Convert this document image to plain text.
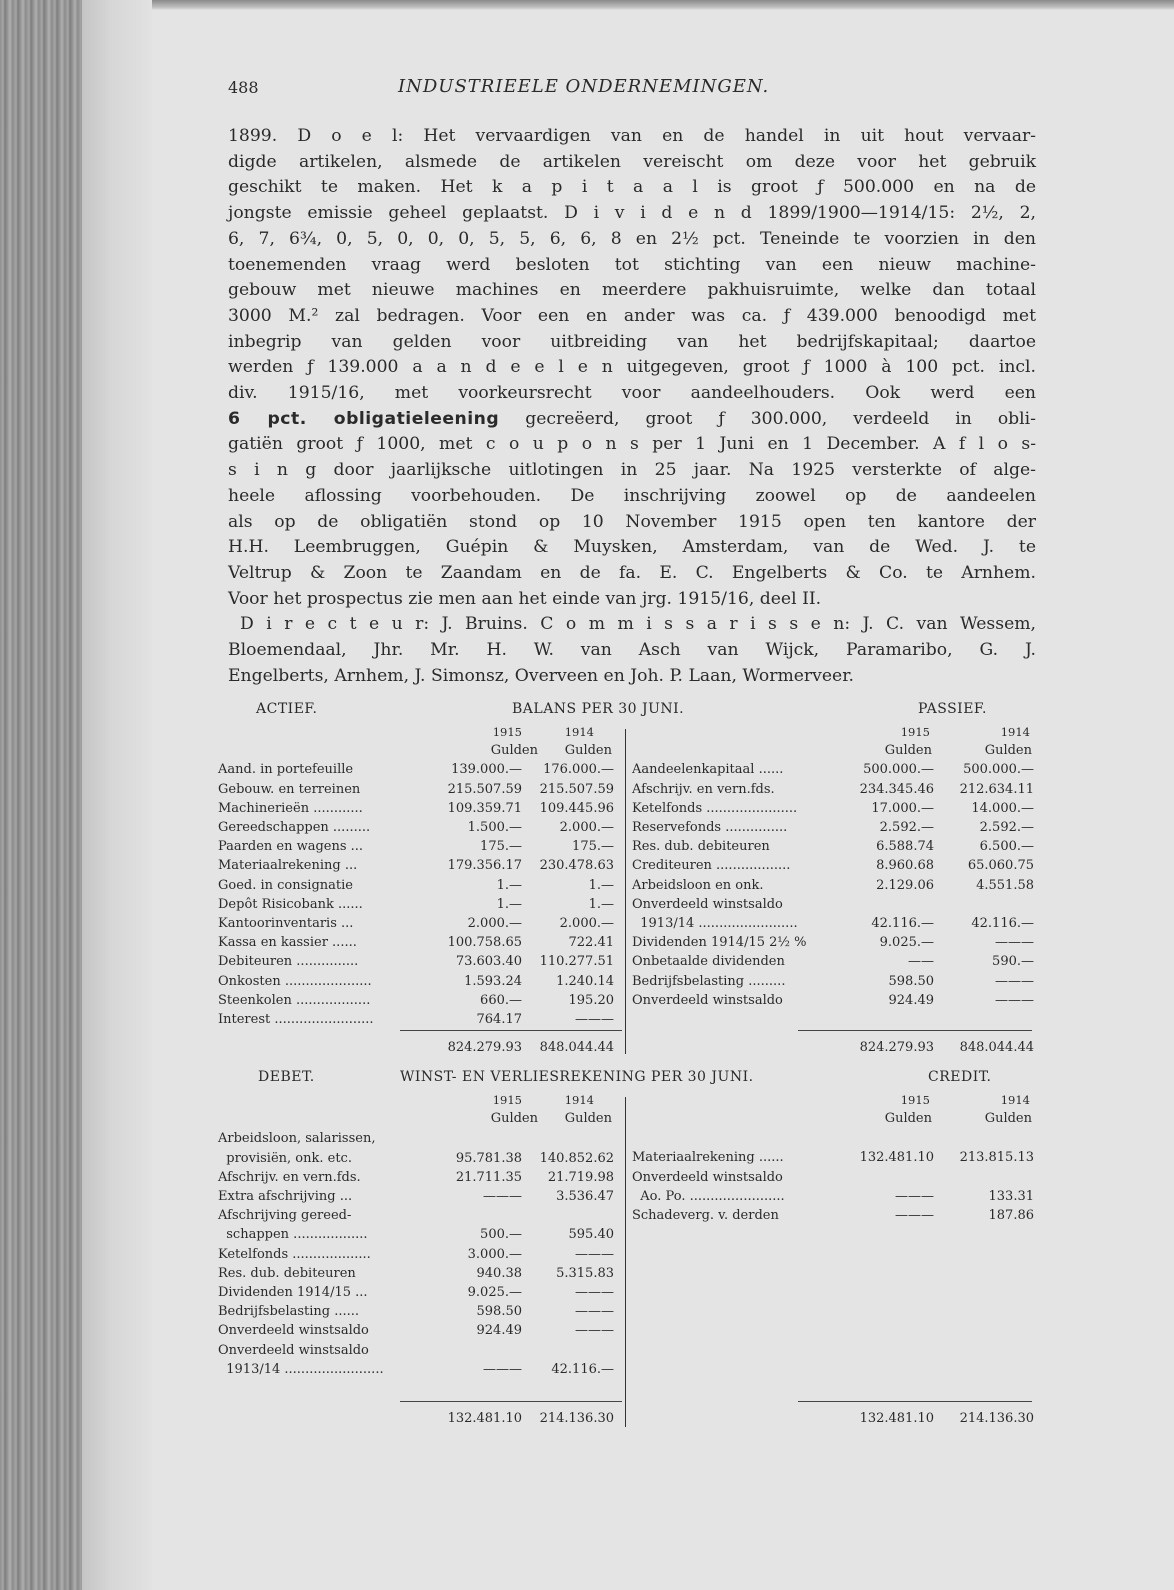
488	INDUSTRIEELE ONDERNEMINGEN.
1899. D o e l: Het vervaardigen van en de handel in uit hout vervaar-
digde artikelen, alsmede de artikelen vereischt om deze voor het gebruik
geschikt te maken. Het k a p i t a a l is groot ƒ 500.000 en na de
jongste emissie geheel geplaatst. D i v i d e n d 1899/1900—1914/15: 2½, 2,
6, 7, 6¾, 0, 5, 0, 0, 0, 5, 5, 6, 6, 8 en 2½ pct. Teneinde te voorzien in den
toenemenden vraag werd besloten tot stichting van een nieuw machine-
gebouw met nieuwe machines en meerdere pakhuisruimte, welke dan totaal
3000 M.² zal bedragen. Voor een en ander was ca. ƒ 439.000 benoodigd met
inbegrip van gelden voor uitbreiding van het bedrijfskapitaal; daartoe
werden ƒ 139.000 a a n d e e l e n uitgegeven, groot ƒ 1000 à 100 pct. incl.
div. 1915/16, met voorkeursrecht voor aandeelhouders. Ook werd een
6 pct. obligatieleening gecreëerd, groot ƒ 300.000, verdeeld in obli-
gatiën groot ƒ 1000, met c o u p o n s per 1 Juni en 1 December. A f l o s-
s i n g door jaarlijksche uitlotingen in 25 jaar. Na 1925 versterkte of alge-
heele aflossing voorbehouden. De inschrijving zoowel op de aandeelen
als op de obligatiën stond op 10 November 1915 open ten kantore der
H.H. Leembruggen, Guépin & Muysken, Amsterdam, van de Wed. J. te
Veltrup & Zoon te Zaandam en de fa. E. C. Engelberts & Co. te Arnhem.
Voor het prospectus zie men aan het einde van jrg. 1915/16, deel II.
D i r e c t e u r: J. Bruins. C o m m i s s a r i s s e n: J. C. van Wessem,
Bloemendaal, Jhr. Mr. H. W. van Asch van Wijck, Paramaribo, G. J.
Engelberts, Arnhem, J. Simonsz, Overveen en Joh. P. Laan, Wormerveer.
ACTIEF.	BALANS PER 30 JUNI.	PASSIEF.
1915	1914
Gulden	Gulden
1915	1914
Gulden	Gulden
Aand. in portefeuille	139.000.—	176.000.—
Gebouw. en terreinen	215.507.59	215.507.59
Machinerieën ............	109.359.71	109.445.96
Gereedschappen .........	1.500.—	2.000.—
Paarden en wagens ...	175.—	175.—
Materiaalrekening ...	179.356.17	230.478.63
Goed. in consignatie	1.—	1.—
Depôt Risicobank ......	1.—	1.—
Kantoorinventaris ...	2.000.—	2.000.—
Kassa en kassier ......	100.758.65	722.41
Debiteuren ...............	73.603.40	110.277.51
Onkosten .....................	1.593.24	1.240.14
Steenkolen ..................	660.—	195.20
Interest ........................	764.17	———
Aandeelenkapitaal ......	500.000.—	500.000.—
Afschrijv. en vern.fds.	234.345.46	212.634.11
Ketelfonds ......................	17.000.—	14.000.—
Reservefonds ...............	2.592.—	2.592.—
Res. dub. debiteuren	6.588.74	6.500.—
Crediteuren ..................	8.960.68	65.060.75
Arbeidsloon en onk.	2.129.06	4.551.58
Onverdeeld winstsaldo
1913/14 ........................	42.116.—	42.116.—
Dividenden 1914/15 2½ %	9.025.—	———
Onbetaalde dividenden	——	590.—
Bedrijfsbelasting .........	598.50	———
Onverdeeld winstsaldo	924.49	———
824.279.93	848.044.44	824.279.93	848.044.44
DEBET.	WINST- EN VERLIESREKENING PER 30 JUNI.	CREDIT.
1915	1914
Gulden	Gulden
1915	1914
Gulden	Gulden
Arbeidsloon, salarissen,
provisiën, onk. etc.	95.781.38	140.852.62
Afschrijv. en vern.fds.	21.711.35	21.719.98
Extra afschrijving ...	———	3.536.47
Afschrijving gereed-
schappen ..................	500.—	595.40
Ketelfonds ...................	3.000.—	———
Res. dub. debiteuren	940.38	5.315.83
Dividenden 1914/15 ...	9.025.—	———
Bedrijfsbelasting ......	598.50	———
Onverdeeld winstsaldo	924.49	———
Onverdeeld winstsaldo
1913/14 ........................	———	42.116.—
Materiaalrekening ......	132.481.10	213.815.13
Onverdeeld winstsaldo
Ao. Po. .......................	———	133.31
Schadeverg. v. derden	———	187.86
132.481.10	214.136.30	132.481.10	214.136.30
